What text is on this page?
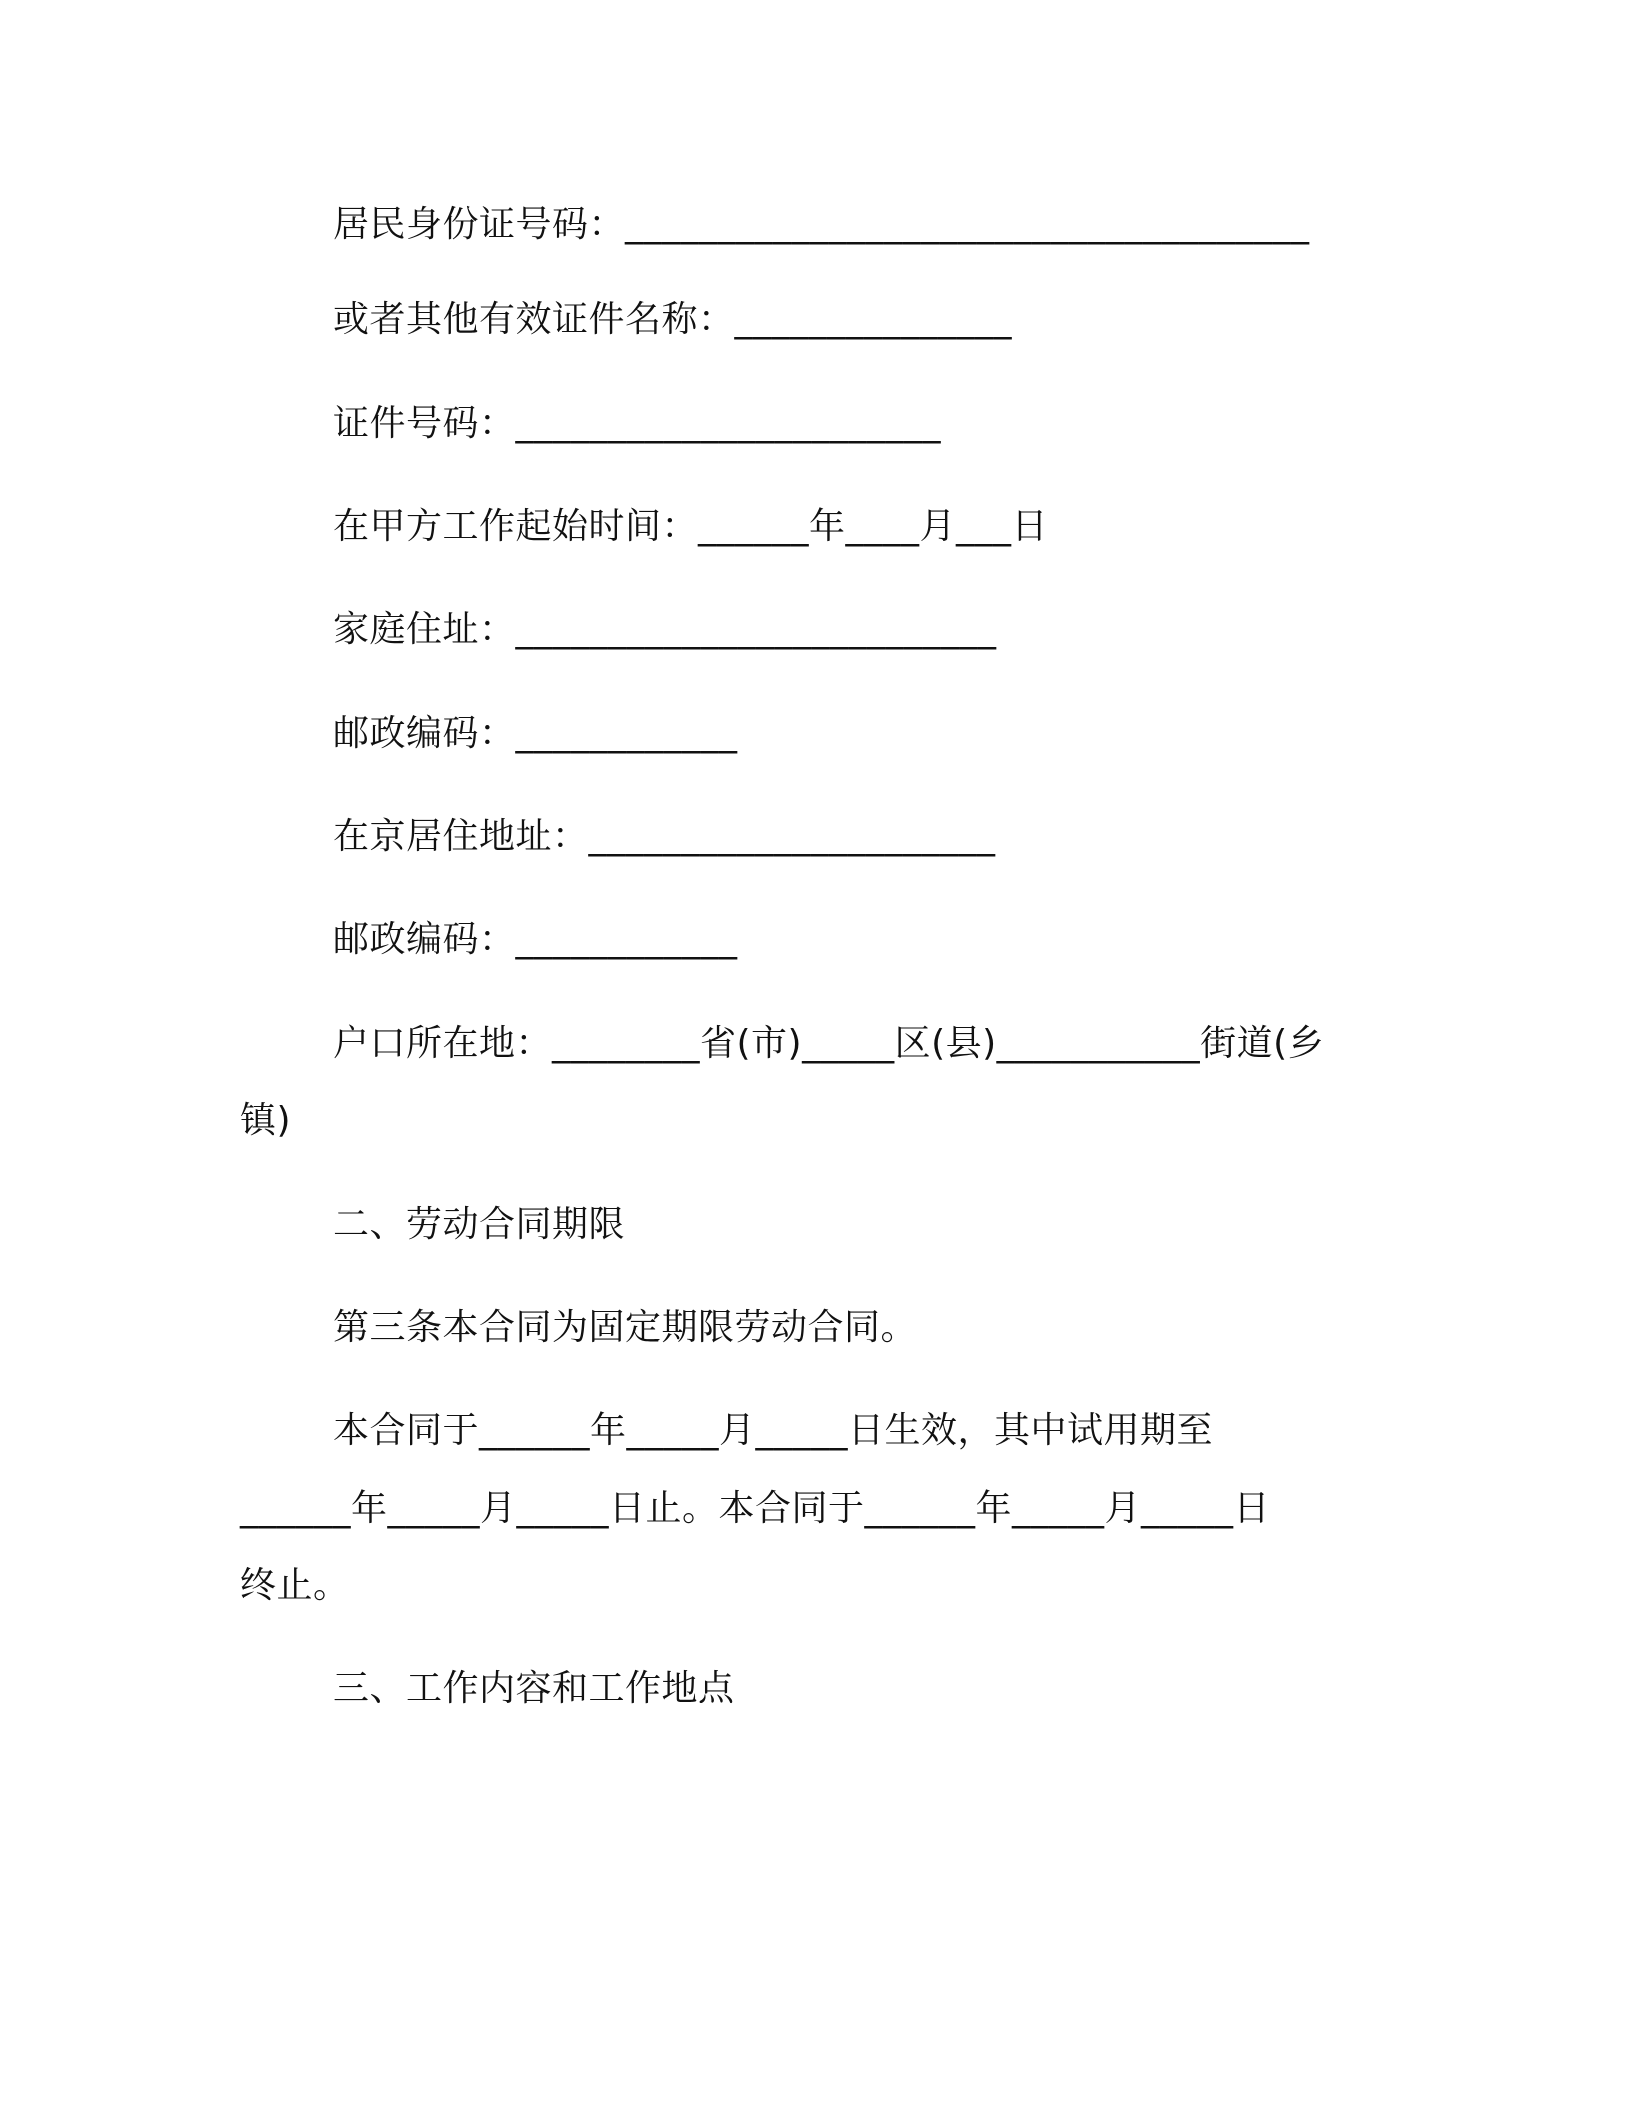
居民身份证号码：_____________________________________
或者其他有效证件名称：_______________
证件号码：_______________________
在甲方工作起始时间：______年____月___日
家庭住址：__________________________
邮政编码：____________
在京居住地址：______________________
邮政编码：____________
户口所在地：________省(市)_____区(县)___________街道(乡
镇)
二、劳动合同期限
第三条本合同为固定期限劳动合同。
本合同于______年_____月_____日生效，其中试用期至
______年_____月_____日止。本合同于______年_____月_____日
终止。
三、工作内容和工作地点
